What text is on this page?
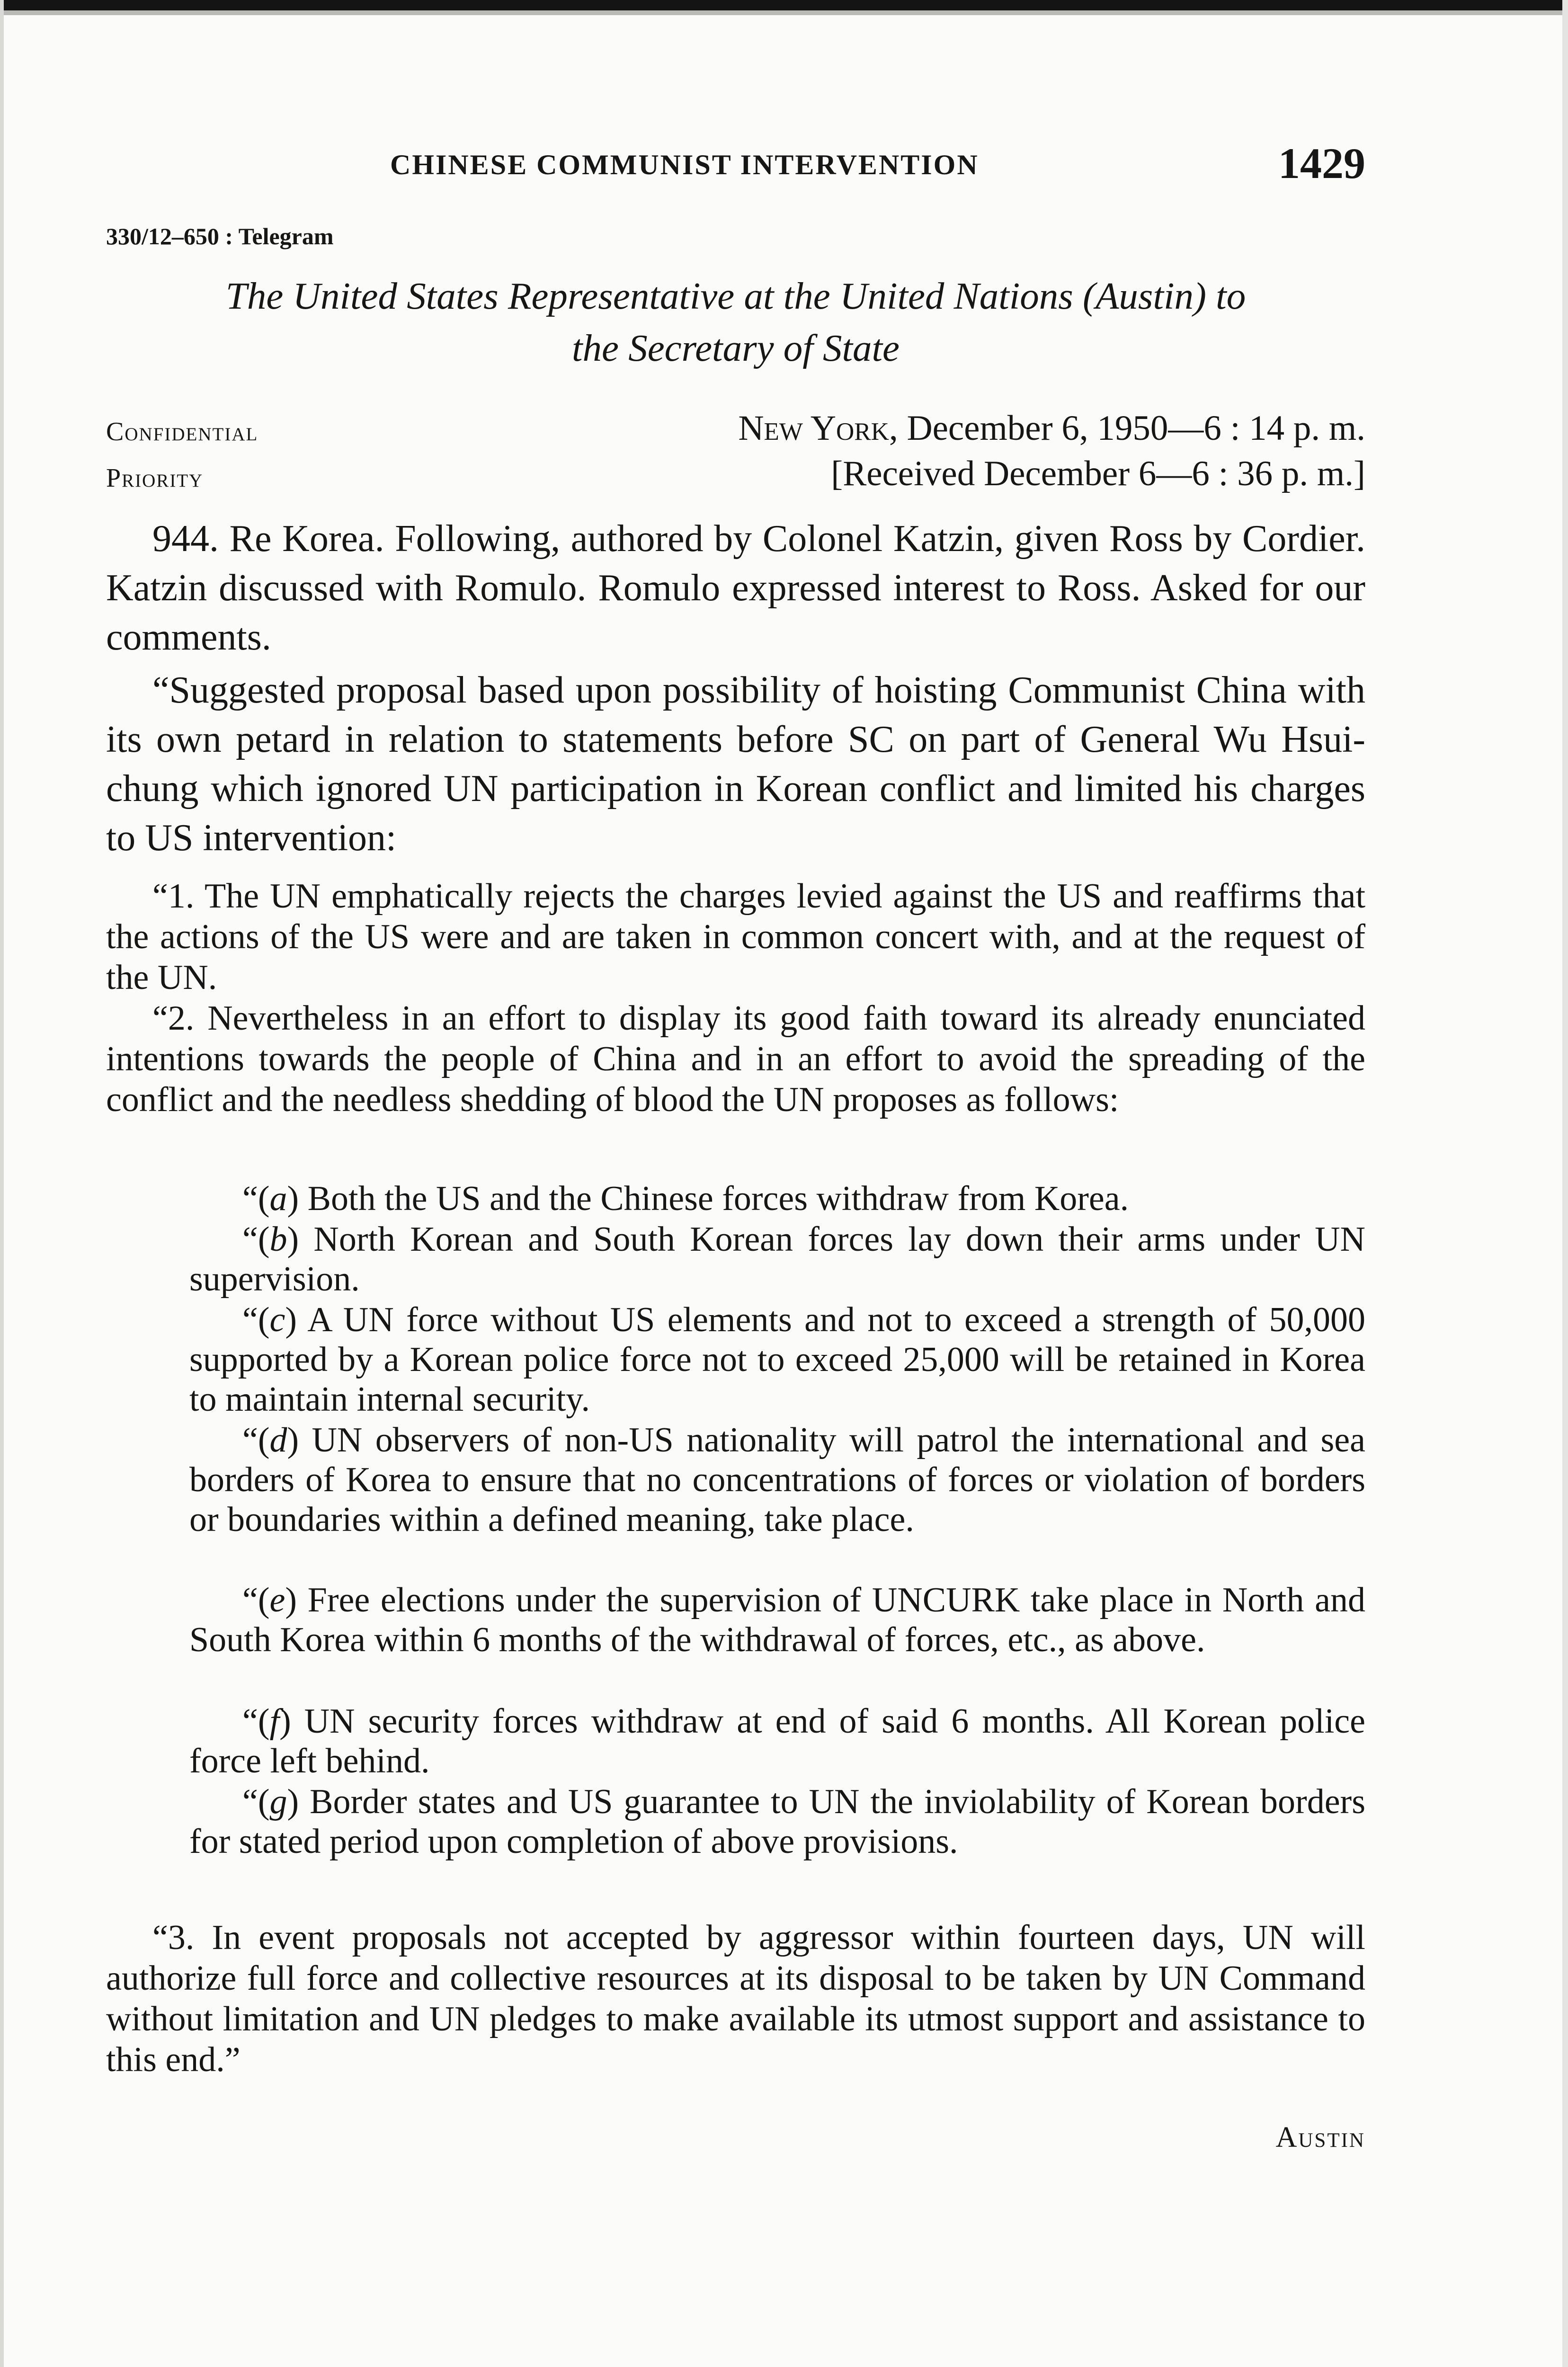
CHINESE COMMUNIST INTERVENTION	1429
330/12–650 : Telegram
The United States Representative at the United Nations (Austin) to
the Secretary of State
Confidential	New York, December 6, 1950—6 : 14 p. m.
Priority	[Received December 6—6 : 36 p. m.]

944. Re Korea. Following, authored by Colonel Katzin, given Ross by Cordier. Katzin discussed with Romulo. Romulo expressed interest to Ross. Asked for our comments.

“Suggested proposal based upon possibility of hoisting Communist China with its own petard in relation to statements before SC on part of General Wu Hsui-chung which ignored UN participation in Korean conflict and limited his charges to US intervention:

“1. The UN emphatically rejects the charges levied against the US and reaffirms that the actions of the US were and are taken in common concert with, and at the request of the UN.

“2. Nevertheless in an effort to display its good faith toward its already enunciated intentions towards the people of China and in an effort to avoid the spreading of the conflict and the needless shedding of blood the UN proposes as follows:

“(a) Both the US and the Chinese forces withdraw from Korea.

“(b) North Korean and South Korean forces lay down their arms under UN supervision.

“(c) A UN force without US elements and not to exceed a strength of 50,000 supported by a Korean police force not to exceed 25,000 will be retained in Korea to maintain internal security.

“(d) UN observers of non-US nationality will patrol the international and sea borders of Korea to ensure that no concentrations of forces or violation of borders or boundaries within a defined meaning, take place.

“(e) Free elections under the supervision of UNCURK take place in North and South Korea within 6 months of the withdrawal of forces, etc., as above.

“(f) UN security forces withdraw at end of said 6 months. All Korean police force left behind.

“(g) Border states and US guarantee to UN the inviolability of Korean borders for stated period upon completion of above provisions.

“3. In event proposals not accepted by aggressor within fourteen days, UN will authorize full force and collective resources at its disposal to be taken by UN Command without limitation and UN pledges to make available its utmost support and assistance to this end.”

Austin
